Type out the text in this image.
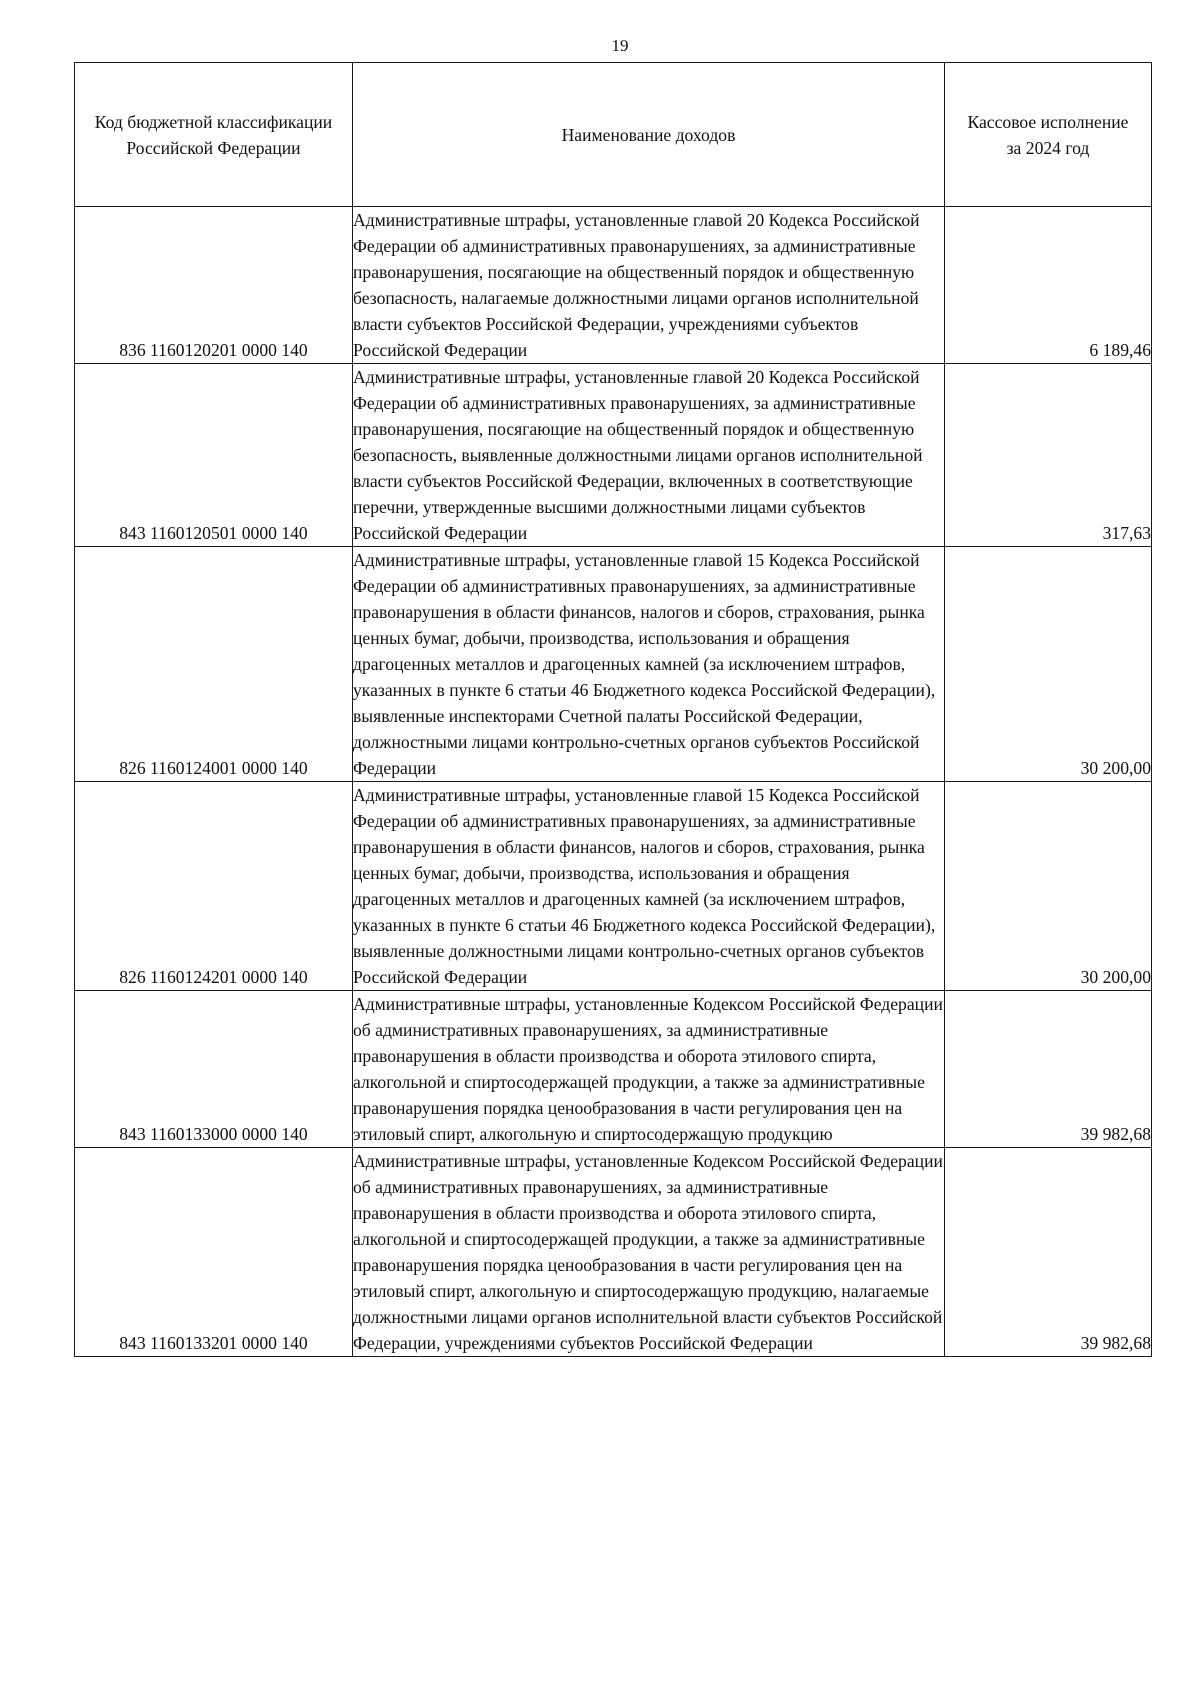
19
Код бюджетной классификации Российской Федерации	Наименование доходов	Кассовое исполнение за 2024 год
836 1160120201 0000 140	Административные штрафы, установленные главой 20 Кодекса Российской Федерации об административных правонарушениях, за административные правонарушения, посягающие на общественный порядок и общественную безопасность, налагаемые должностными лицами органов исполнительной власти субъектов Российской Федерации, учреждениями субъектов Российской Федерации	6 189,46
843 1160120501 0000 140	Административные штрафы, установленные главой 20 Кодекса Российской Федерации об административных правонарушениях, за административные правонарушения, посягающие на общественный порядок и общественную безопасность, выявленные должностными лицами органов исполнительной власти субъектов Российской Федерации, включенных в соответствующие перечни, утвержденные высшими должностными лицами субъектов Российской Федерации	317,63
826 1160124001 0000 140	Административные штрафы, установленные главой 15 Кодекса Российской Федерации об административных правонарушениях, за административные правонарушения в области финансов, налогов и сборов, страхования, рынка ценных бумаг, добычи, производства, использования и обращения драгоценных металлов и драгоценных камней (за исключением штрафов, указанных в пункте 6 статьи 46 Бюджетного кодекса Российской Федерации), выявленные инспекторами Счетной палаты Российской Федерации, должностными лицами контрольно-счетных органов субъектов Российской Федерации	30 200,00
826 1160124201 0000 140	Административные штрафы, установленные главой 15 Кодекса Российской Федерации об административных правонарушениях, за административные правонарушения в области финансов, налогов и сборов, страхования, рынка ценных бумаг, добычи, производства, использования и обращения драгоценных металлов и драгоценных камней (за исключением штрафов, указанных в пункте 6 статьи 46 Бюджетного кодекса Российской Федерации), выявленные должностными лицами контрольно-счетных органов субъектов Российской Федерации	30 200,00
843 1160133000 0000 140	Административные штрафы, установленные Кодексом Российской Федерации об административных правонарушениях, за административные правонарушения в области производства и оборота этилового спирта, алкогольной и спиртосодержащей продукции, а также за административные правонарушения порядка ценообразования в части регулирования цен на этиловый спирт, алкогольную и спиртосодержащую продукцию	39 982,68
843 1160133201 0000 140	Административные штрафы, установленные Кодексом Российской Федерации об административных правонарушениях, за административные правонарушения в области производства и оборота этилового спирта, алкогольной и спиртосодержащей продукции, а также за административные правонарушения порядка ценообразования в части регулирования цен на этиловый спирт, алкогольную и спиртосодержащую продукцию, налагаемые должностными лицами органов исполнительной власти субъектов Российской Федерации, учреждениями субъектов Российской Федерации	39 982,68
